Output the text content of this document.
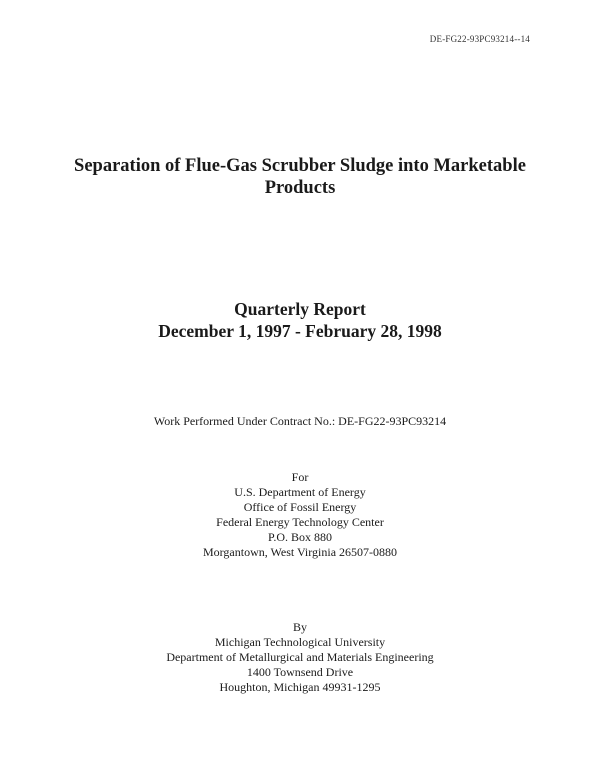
DE-FG22-93PC93214--14
Separation of Flue-Gas Scrubber Sludge into Marketable
Products
Quarterly Report
December 1, 1997 - February 28, 1998
Work Performed Under Contract No.: DE-FG22-93PC93214
For
U.S. Department of Energy
Office of Fossil Energy
Federal Energy Technology Center
P.O. Box 880
Morgantown, West Virginia 26507-0880
By
Michigan Technological University
Department of Metallurgical and Materials Engineering
1400 Townsend Drive
Houghton, Michigan 49931-1295
